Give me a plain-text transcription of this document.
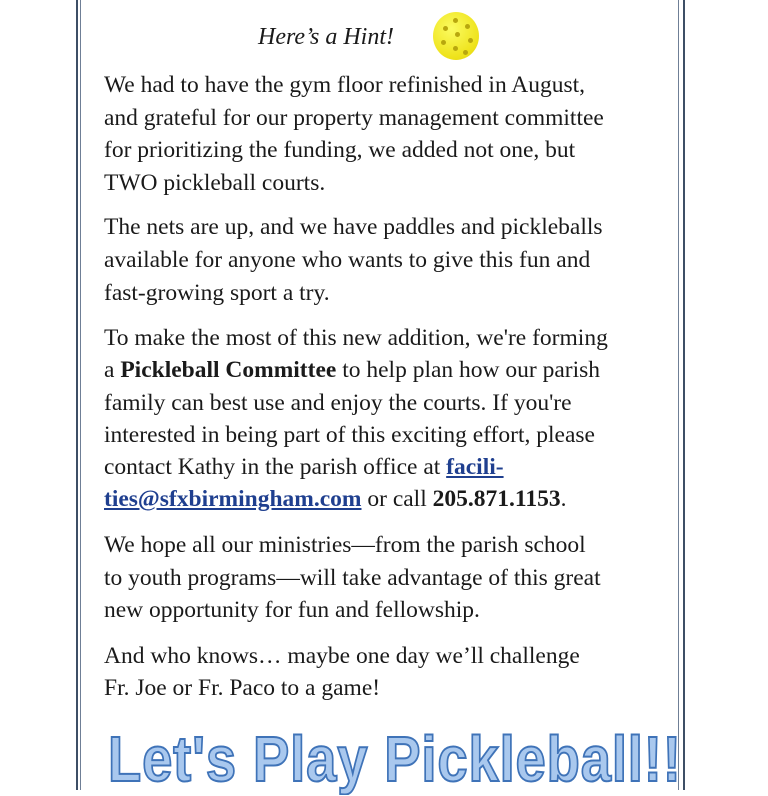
Here’s a Hint!
We had to have the gym floor refinished in August,
and grateful for our property management committee
for prioritizing the funding, we added not one, but
TWO pickleball courts.
The nets are up, and we have paddles and pickleballs
available for anyone who wants to give this fun and
fast-growing sport a try.
To make the most of this new addition, we're forming
a Pickleball Committee to help plan how our parish
family can best use and enjoy the courts. If you're
interested in being part of this exciting effort, please
contact Kathy in the parish office at facili-
ties@sfxbirmingham.com or call 205.871.1153.
We hope all our ministries—from the parish school
to youth programs—will take advantage of this great
new opportunity for fun and fellowship.
And who knows… maybe one day we’ll challenge
Fr. Joe or Fr. Paco to a game!
Let's Play Pickleball!!
